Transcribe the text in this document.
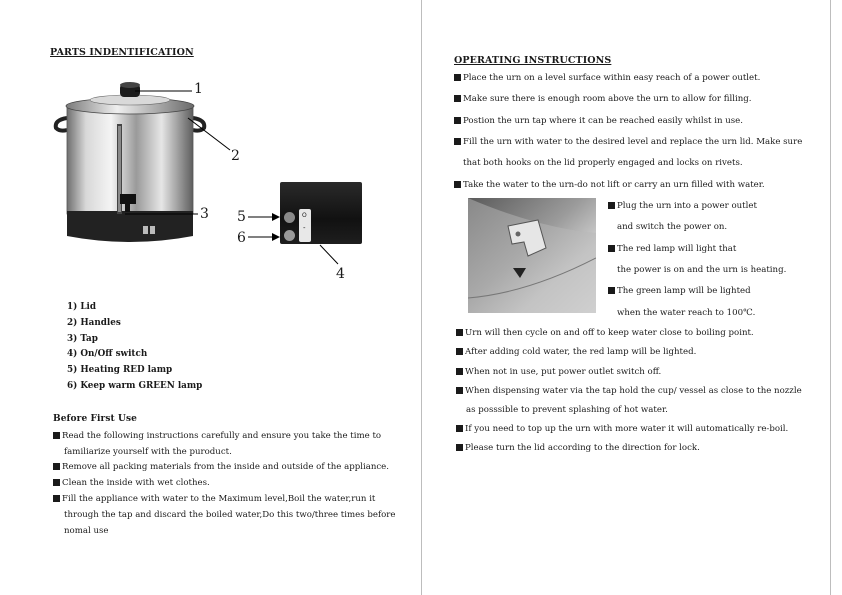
PARTS INDENTIFICATION
1
2
3
4
5
6
O
-
1) Lid
2) Handles
3) Tap
4) On/Off switch
5) Heating RED lamp
6) Keep warm GREEN lamp
Before First Use
Read the following instructions carefully and ensure you take the time to
familiarize yourself with the puroduct.
Remove all packing materials from the inside and outside of the appliance.
Clean the inside with wet clothes.
Fill the appliance with water to the Maximum level,Boil the water,run it
through the tap and discard the boiled water,Do this two/three times before
nomal use
OPERATING INSTRUCTIONS
Place the urn on a level surface within easy reach of a power outlet.
Make sure there is enough room above the urn to allow for filling.
Postion the urn tap where it can be reached easily whilst in use.
Fill the urn with water to the desired level and replace the urn lid. Make sure
that both hooks on the lid properly engaged and locks on rivets.
Take the water to the urn-do not lift or carry an urn filled with water.
Plug the urn into a power outlet
and switch the power on.
The red lamp will light that
the power is on and the urn is heating.
The green lamp will be lighted
when the water reach to 100℃.
Urn will then cycle on and off to keep water close to boiling point.
After adding cold water, the red lamp will be lighted.
When not in use, put power outlet switch off.
When dispensing water via the tap hold the cup/ vessel as close to the nozzle
as posssible to prevent splashing of hot water.
If you need to top up the urn with more water it will automatically re-boil.
Please turn the lid according to the direction for lock.
